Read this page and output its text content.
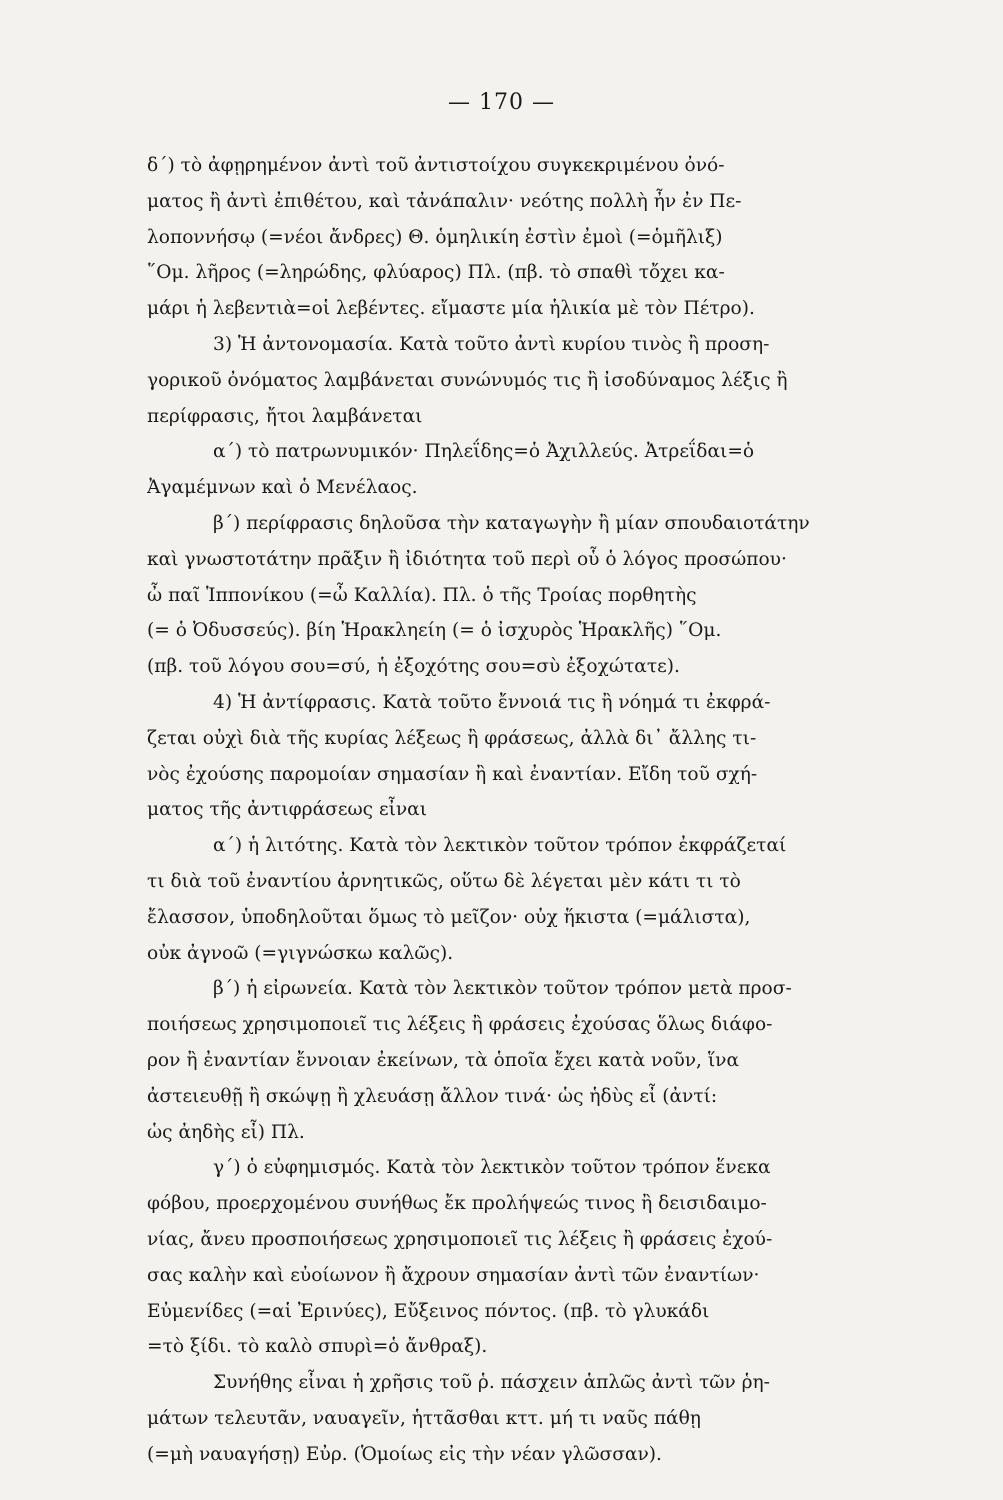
— 170 —
δ΄) τὸ ἀφῃρημένον ἀντὶ τοῦ ἀντιστοίχου συγκεκριμένου ὀνό-
ματος ἢ ἀντὶ ἐπιθέτου, καὶ τἀνάπαλιν· νεότης πολλὴ ἦν ἐν Πε-
λοποννήσῳ (=νέοι ἄνδρες) Θ. ὁμηλικίη ἐστὶν ἐμοὶ (=ὁμῆλιξ)
῞Ομ. λῆρος (=ληρώδης, φλύαρος) Πλ. (πβ. τὸ σπαθὶ τὄχει κα-
μάρι ἡ λεβεντιὰ=οἱ λεβέντες. εἴμαστε μία ἡλικία μὲ τὸν Πέτρο).
3) Ἡ ἀντονομασία. Κατὰ τοῦτο ἀντὶ κυρίου τινὸς ἢ προση-
γορικοῦ ὀνόματος λαμβάνεται συνώνυμός τις ἢ ἰσοδύναμος λέξις ἢ
περίφρασις, ἤτοι λαμβάνεται
α΄) τὸ πατρωνυμικόν· Πηλεΐδης=ὁ Ἀχιλλεύς. Ἀτρεΐδαι=ὁ
Ἀγαμέμνων καὶ ὁ Μενέλαος.
β΄) περίφρασις δηλοῦσα τὴν καταγωγὴν ἢ μίαν σπουδαιοτάτην
καὶ γνωστοτάτην πρᾶξιν ἢ ἰδιότητα τοῦ περὶ οὗ ὁ λόγος προσώπου·
ὦ παῖ Ἱππονίκου (=ὦ Καλλία). Πλ. ὁ τῆς Τροίας πορθητὴς
(= ὁ Ὀδυσσεύς). βίη Ἡρακληείη (= ὁ ἰσχυρὸς Ἡρακλῆς) ῞Ομ.
(πβ. τοῦ λόγου σου=σύ, ἡ ἐξοχότης σου=σὺ ἐξοχώτατε).
4) Ἡ ἀντίφρασις. Κατὰ τοῦτο ἔννοιά τις ἢ νόημά τι ἐκφρά-
ζεται οὐχὶ διὰ τῆς κυρίας λέξεως ἢ φράσεως, ἀλλὰ δι᾽ ἄλλης τι-
νὸς ἐχούσης παρομοίαν σημασίαν ἢ καὶ ἐναντίαν. Εἴδη τοῦ σχή-
ματος τῆς ἀντιφράσεως εἶναι
α΄) ἡ λιτότης. Κατὰ τὸν λεκτικὸν τοῦτον τρόπον ἐκφράζεταί
τι διὰ τοῦ ἐναντίου ἀρνητικῶς, οὕτω δὲ λέγεται μὲν κάτι τι τὸ
ἔλασσον, ὑποδηλοῦται ὅμως τὸ μεῖζον· οὐχ ἥκιστα (=μάλιστα),
οὐκ ἀγνοῶ (=γιγνώσκω καλῶς).
β΄) ἡ εἰρωνεία. Κατὰ τὸν λεκτικὸν τοῦτον τρόπον μετὰ προσ-
ποιήσεως χρησιμοποιεῖ τις λέξεις ἢ φράσεις ἐχούσας ὅλως διάφο-
ρον ἢ ἐναντίαν ἔννοιαν ἐκείνων, τὰ ὁποῖα ἔχει κατὰ νοῦν, ἵνα
ἀστειευθῇ ἢ σκώψῃ ἢ χλευάσῃ ἄλλον τινά· ὡς ἡδὺς εἶ (ἀντί:
ὡς ἀηδὴς εἶ) Πλ.
γ΄) ὁ εὐφημισμός. Κατὰ τὸν λεκτικὸν τοῦτον τρόπον ἕνεκα
φόβου, προερχομένου συνήθως ἔκ προλήψεώς τινος ἢ δεισιδαιμο-
νίας, ἄνευ προσποιήσεως χρησιμοποιεῖ τις λέξεις ἢ φράσεις ἐχού-
σας καλὴν καὶ εὐοίωνον ἢ ἄχρουν σημασίαν ἀντὶ τῶν ἐναντίων·
Εὐμενίδες (=αἱ Ἐρινύες), Εὔξεινος πόντος. (πβ. τὸ γλυκάδι
=τὸ ξίδι. τὸ καλὸ σπυρὶ=ὁ ἄνθραξ).
Συνήθης εἶναι ἡ χρῆσις τοῦ ῥ. πάσχειν ἁπλῶς ἀντὶ τῶν ῥη-
μάτων τελευτᾶν, ναυαγεῖν, ἡττᾶσθαι κττ. μή τι ναῦς πάθῃ
(=μὴ ναυαγήσῃ) Εὐρ. (Ὁμοίως εἰς τὴν νέαν γλῶσσαν).
